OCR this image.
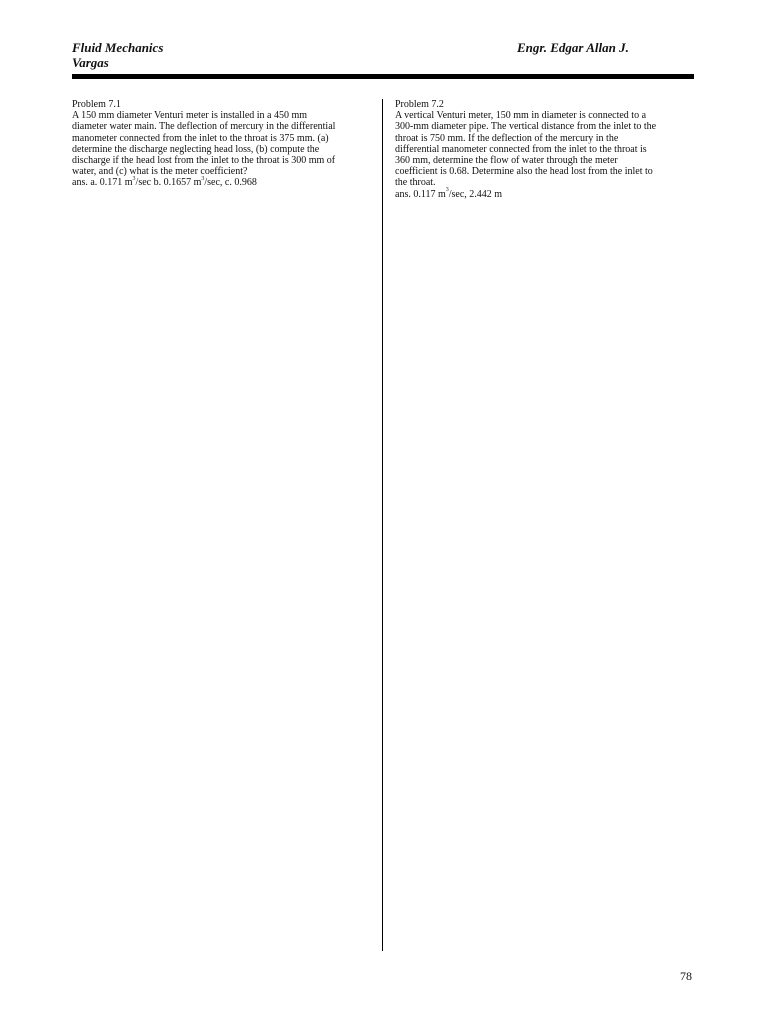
Fluid Mechanics
Vargas
Engr. Edgar Allan J.
Problem 7.1
A 150 mm diameter Venturi meter is installed in a 450 mm
diameter water main. The deflection of mercury in the differential
manometer connected from the inlet to the throat is 375 mm. (a)
determine the discharge neglecting head loss, (b) compute the
discharge if the head lost from the inlet to the throat is 300 mm of
water, and (c) what is the meter coefficient?
ans. a. 0.171 $m^3/\sec$ b. 0.1657 $m^3/\sec$, c. 0.968
Problem 7.2
A vertical Venturi meter, 150 mm in diameter is connected to a
300-mm diameter pipe. The vertical distance from the inlet to the
throat is 750 mm. If the deflection of the mercury in the
differential manometer connected from the inlet to the throat is
360 mm, determine the flow of water through the meter
coefficient is 0.68. Determine also the head lost from the inlet to
the throat.
ans. 0.117 $m^3/\sec$, 2.442 m
78
